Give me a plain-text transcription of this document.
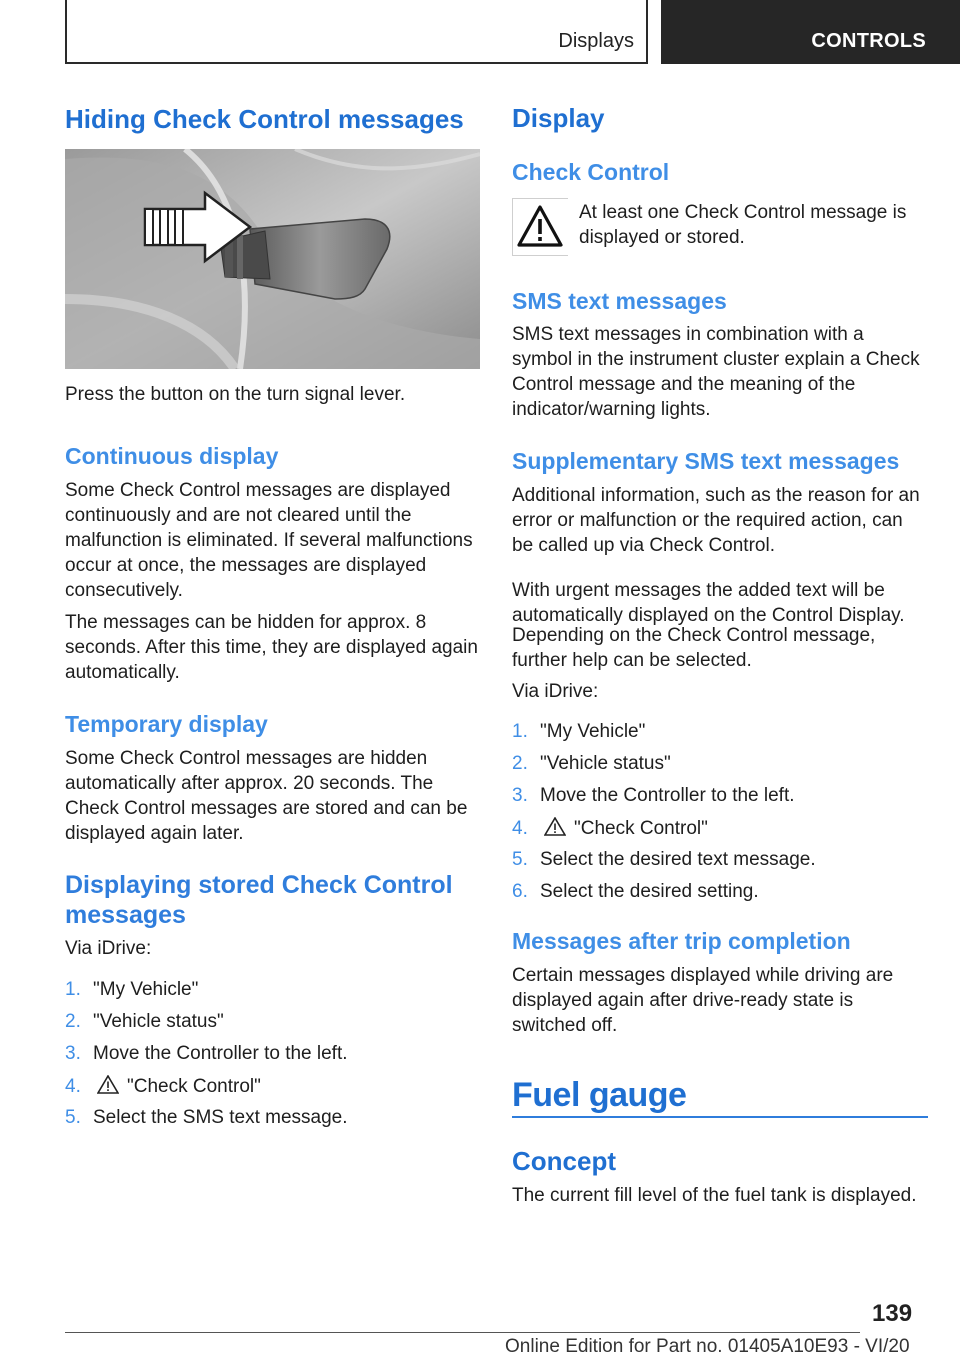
Displays	CONTROLS
Hiding Check Control messages
Press the button on the turn signal lever.
Continuous display
Some Check Control messages are displayed continuously and are not cleared until the malfunction is eliminated. If several malfunctions occur at once, the messages are displayed consecutively.
The messages can be hidden for approx. 8 seconds. After this time, they are displayed again automatically.
Temporary display
Some Check Control messages are hidden automatically after approx. 20 seconds. The Check Control messages are stored and can be displayed again later.
Displaying stored Check Control
messages
Via iDrive:
1. "My Vehicle"
2. "Vehicle status"
3. Move the Controller to the left.
4. "Check Control"
5. Select the SMS text message.
Display
Check Control
At least one Check Control message is
displayed or stored.
SMS text messages
SMS text messages in combination with a symbol in the instrument cluster explain a Check Control message and the meaning of the indicator/warning lights.
Supplementary SMS text messages
Additional information, such as the reason for an error or malfunction or the required action, can be called up via Check Control.
With urgent messages the added text will be automatically displayed on the Control Display.
Depending on the Check Control message, further help can be selected.
Via iDrive:
1. "My Vehicle"
2. "Vehicle status"
3. Move the Controller to the left.
4. "Check Control"
5. Select the desired text message.
6. Select the desired setting.
Messages after trip completion
Certain messages displayed while driving are displayed again after drive-ready state is switched off.
Fuel gauge
Concept
The current fill level of the fuel tank is displayed.
139
Online Edition for Part no. 01405A10E93 - VI/20
